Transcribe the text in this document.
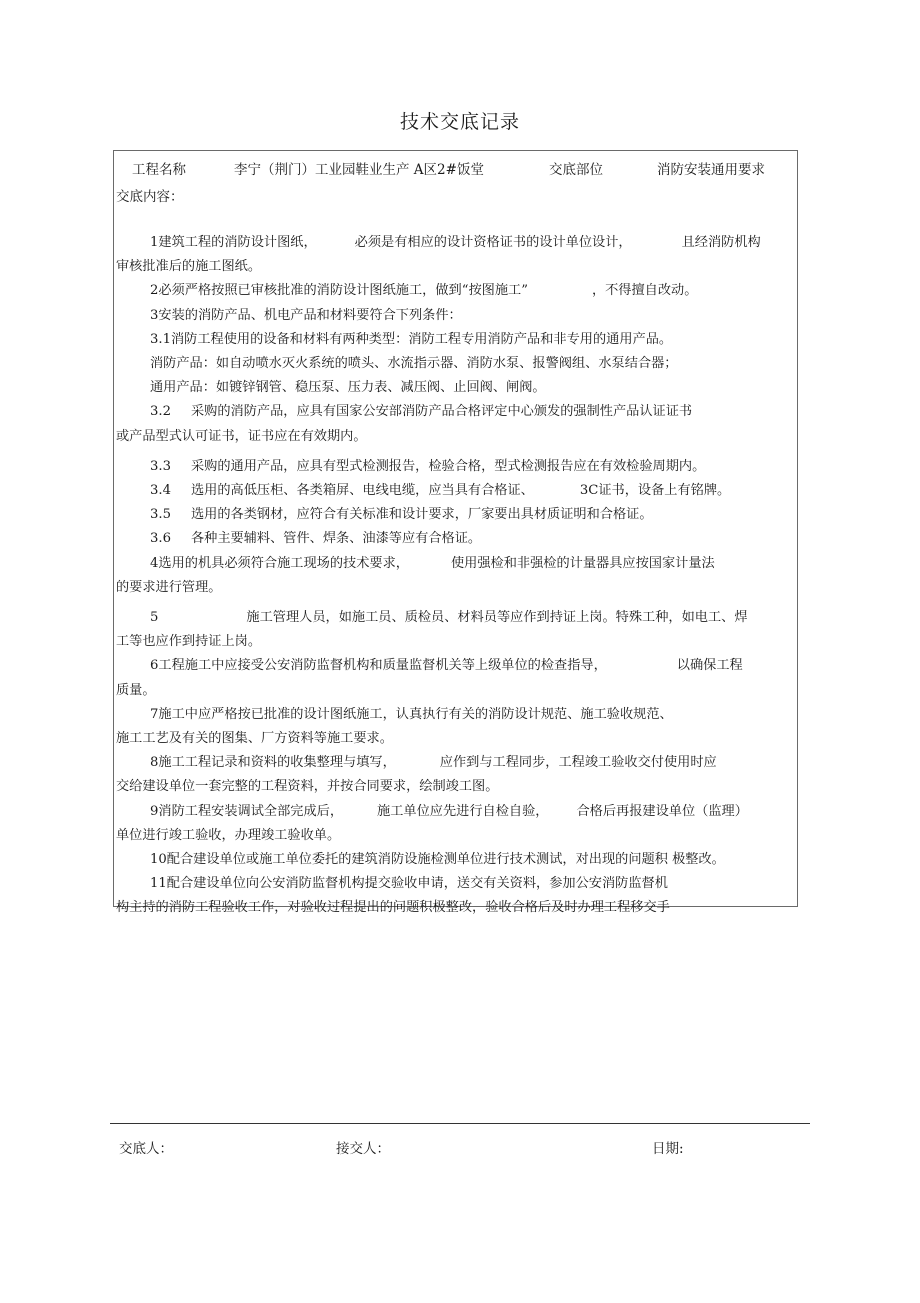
技术交底记录
工程名称	李宁（荆门）工业园鞋业生产 A区2#饭堂	交底部位	消防安装通用要求
交底内容：

1建筑工程的消防设计图纸，	必须是有相应的设计资格证书的设计单位设计，	且经消防机构

审核批准后的施工图纸。

2必须严格按照已审核批准的消防设计图纸施工，做到“按图施工”	，不得擅自改动。

3安装的消防产品、机电产品和材料要符合下列条件：

3.1消防工程使用的设备和材料有两种类型：消防工程专用消防产品和非专用的通用产品。

消防产品：如自动喷水灭火系统的喷头、水流指示器、消防水泵、报警阀组、水泵结合器；

通用产品：如镀锌钢管、稳压泵、压力表、减压阀、止回阀、闸阀。

3.2 采购的消防产品，应具有国家公安部消防产品合格评定中心颁发的强制性产品认证证书

或产品型式认可证书，证书应在有效期内。

3.3 采购的通用产品，应具有型式检测报告，检验合格，型式检测报告应在有效检验周期内。

3.4 选用的高低压柜、各类箱屏、电线电缆，应当具有合格证、	3C证书，设备上有铭牌。

3.5 选用的各类钢材，应符合有关标准和设计要求，厂家要出具材质证明和合格证。

3.6 各种主要辅料、管件、焊条、油漆等应有合格证。

4选用的机具必须符合施工现场的技术要求，	使用强检和非强检的计量器具应按国家计量法

的要求进行管理。

5	施工管理人员，如施工员、质检员、材料员等应作到持证上岗。特殊工种，如电工、焊

工等也应作到持证上岗。

6工程施工中应接受公安消防监督机构和质量监督机关等上级单位的检查指导，	以确保工程

质量。

7施工中应严格按已批准的设计图纸施工，认真执行有关的消防设计规范、施工验收规范、

施工工艺及有关的图集、厂方资料等施工要求。

8施工工程记录和资料的收集整理与填写，	应作到与工程同步，工程竣工验收交付使用时应

交给建设单位一套完整的工程资料，并按合同要求，绘制竣工图。

9消防工程安装调试全部完成后，	施工单位应先进行自检自验， 合格后再报建设单位（监理）

单位进行竣工验收，办理竣工验收单。

10配合建设单位或施工单位委托的建筑消防设施检测单位进行技术测试，对出现的问题积 极整改。

11配合建设单位向公安消防监督机构提交验收申请，送交有关资料，参加公安消防监督机

构主持的消防工程验收工作，对验收过程提出的问题积极整改，验收合格后及时办理工程移交手

交底人：	接交人：	日期:
